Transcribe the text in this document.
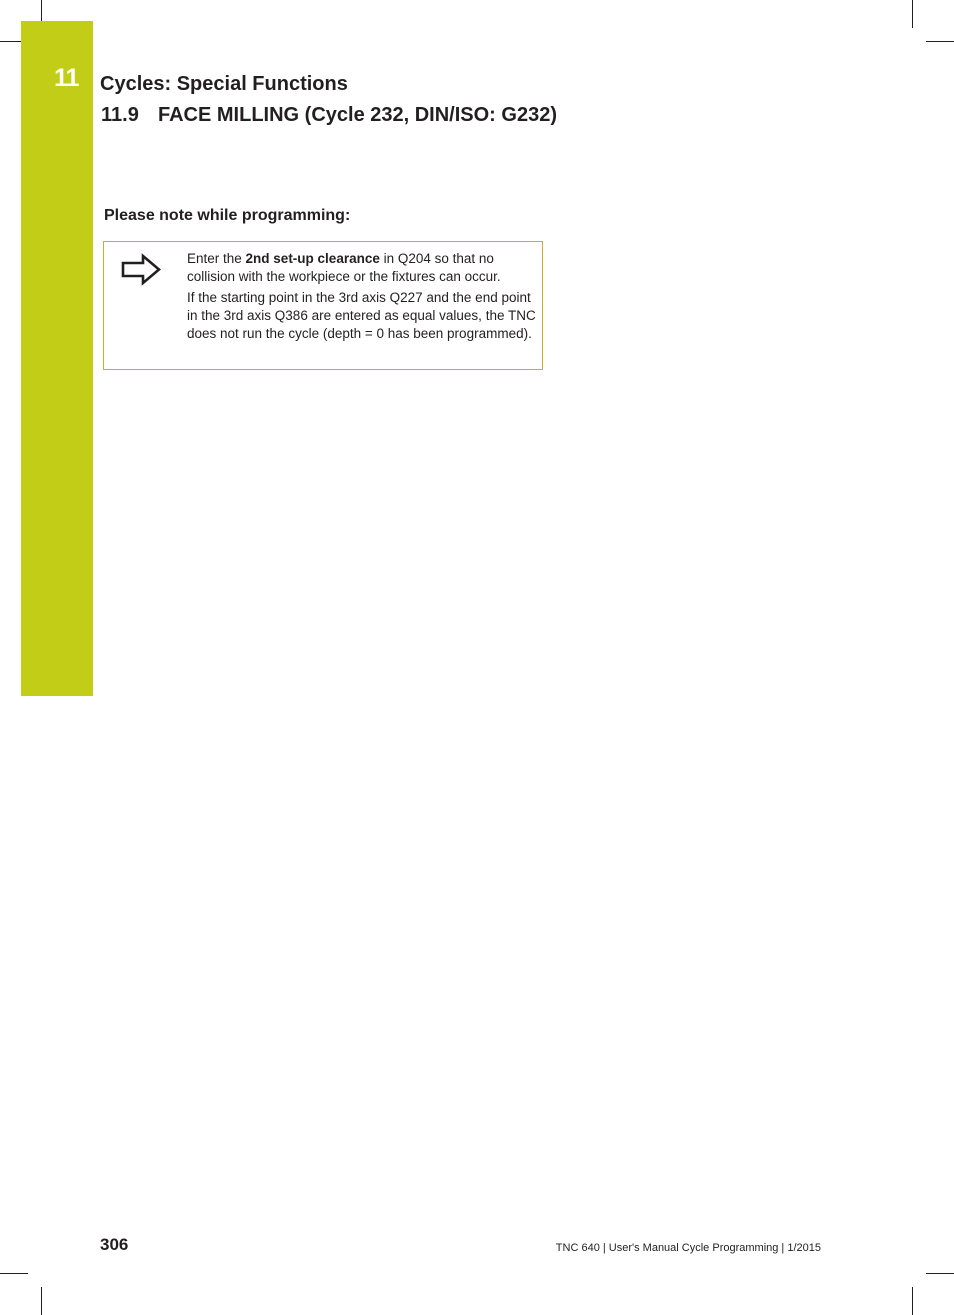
11 Cycles: Special Functions
11.9 FACE MILLING (Cycle 232, DIN/ISO: G232)
Please note while programming:

Enter the 2nd set-up clearance in Q204 so that no collision with the workpiece or the fixtures can occur.

If the starting point in the 3rd axis Q227 and the end point in the 3rd axis Q386 are entered as equal values, the TNC does not run the cycle (depth = 0 has been programmed).

306	TNC 640 | User's Manual Cycle Programming | 1/2015
